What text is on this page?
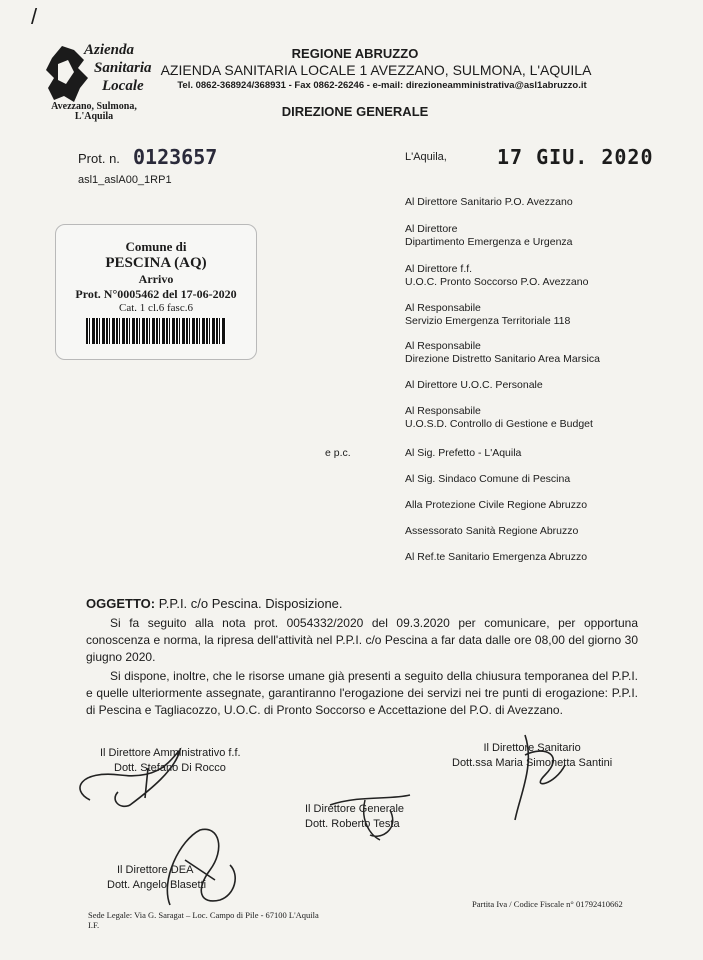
/
Azienda
Sanitaria
Locale
Avezzano, Sulmona,
L'Aquila
REGIONE ABRUZZO
AZIENDA SANITARIA LOCALE 1 AVEZZANO, SULMONA, L'AQUILA
Tel. 0862-368924/368931 - Fax 0862-26246 - e-mail: direzioneamministrativa@asl1abruzzo.it
DIREZIONE GENERALE
Prot. n. 0123657
asl1_aslA00_1RP1
L'Aquila,	17 GIU. 2020
Comune di
PESCINA (AQ)
Arrivo
Prot. N°0005462 del 17-06-2020
Cat. 1 cl.6 fasc.6
Al Direttore Sanitario P.O. Avezzano
Al Direttore
Dipartimento Emergenza e Urgenza
Al Direttore f.f.
U.O.C. Pronto Soccorso P.O. Avezzano
Al Responsabile
Servizio Emergenza Territoriale 118
Al Responsabile
Direzione Distretto Sanitario Area Marsica
Al Direttore U.O.C. Personale
Al Responsabile
U.O.S.D. Controllo di Gestione e Budget
e p.c.	Al Sig. Prefetto - L'Aquila
Al Sig. Sindaco Comune di Pescina
Alla Protezione Civile Regione Abruzzo
Assessorato Sanità Regione Abruzzo
Al Ref.te Sanitario Emergenza Abruzzo
OGGETTO: P.P.I. c/o Pescina. Disposizione.
Si fa seguito alla nota prot. 0054332/2020 del 09.3.2020 per comunicare, per opportuna conoscenza e norma, la ripresa dell'attività nel P.P.I. c/o Pescina a far data dalle ore 08,00 del giorno 30 giugno 2020.
Si dispone, inoltre, che le risorse umane già presenti a seguito della chiusura temporanea del P.P.I. e quelle ulteriormente assegnate, garantiranno l'erogazione dei servizi nei tre punti di erogazione: P.P.I. di Pescina e Tagliacozzo, U.O.C. di Pronto Soccorso e Accettazione del P.O. di Avezzano.
Il Direttore Amministrativo f.f.
Dott. Stefano Di Rocco
Il Direttore Sanitario
Dott.ssa Maria Simonetta Santini
Il Direttore Generale
Dott. Roberto Testa
Il Direttore DEA
Dott. Angelo Blasetti
Sede Legale: Via G. Saragat – Loc. Campo di Pile - 67100 L'Aquila
I.F.
Partita Iva / Codice Fiscale n° 01792410662
